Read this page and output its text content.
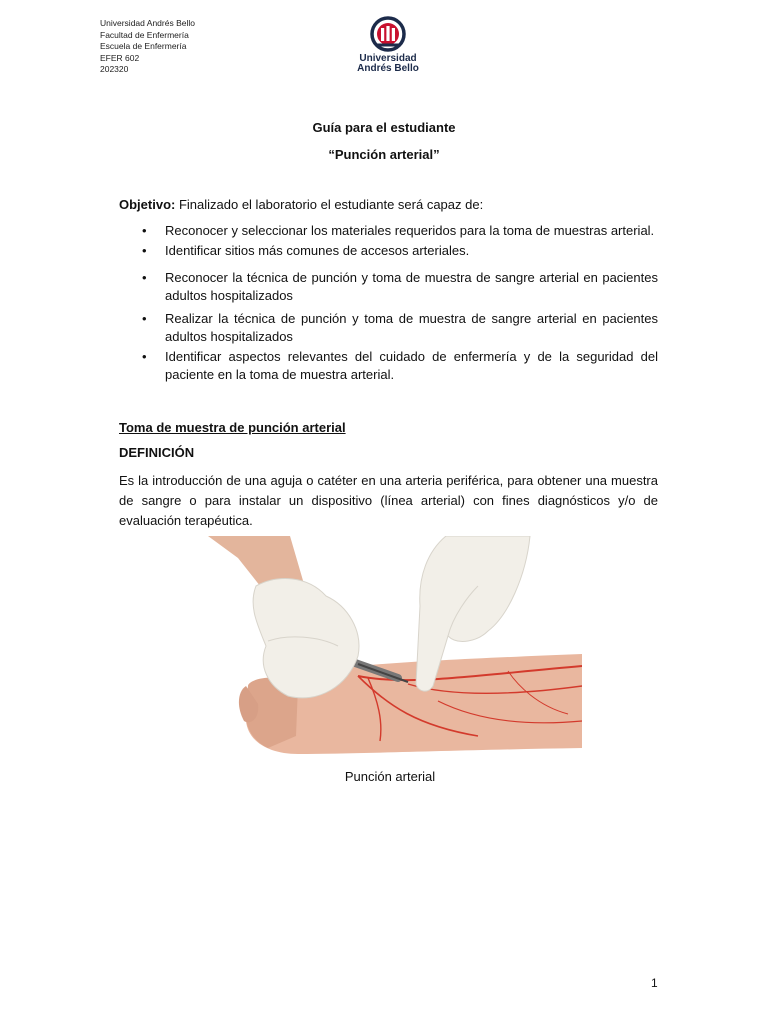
Universidad Andrés Bello
Facultad de Enfermería
Escuela de Enfermería
EFER 602
202320
Universidad
Andrés Bello
Guía para el estudiante
“Punción arterial”
Objetivo: Finalizado el laboratorio el estudiante será capaz de:
• Reconocer y seleccionar los materiales requeridos para la toma de muestras arterial.
• Identificar sitios más comunes de accesos arteriales.
• Reconocer la técnica de punción y toma de muestra de sangre arterial en pacientes adultos hospitalizados
• Realizar la técnica de punción y toma de muestra de sangre arterial en pacientes adultos hospitalizados
• Identificar aspectos relevantes del cuidado de enfermería y de la seguridad del paciente en la toma de muestra arterial.
Toma de muestra de punción arterial
DEFINICIÓN
Es la introducción de una aguja o catéter en una arteria periférica, para obtener una muestra de sangre o para instalar un dispositivo (línea arterial) con fines diagnósticos y/o de evaluación terapéutica.
Punción arterial
1
